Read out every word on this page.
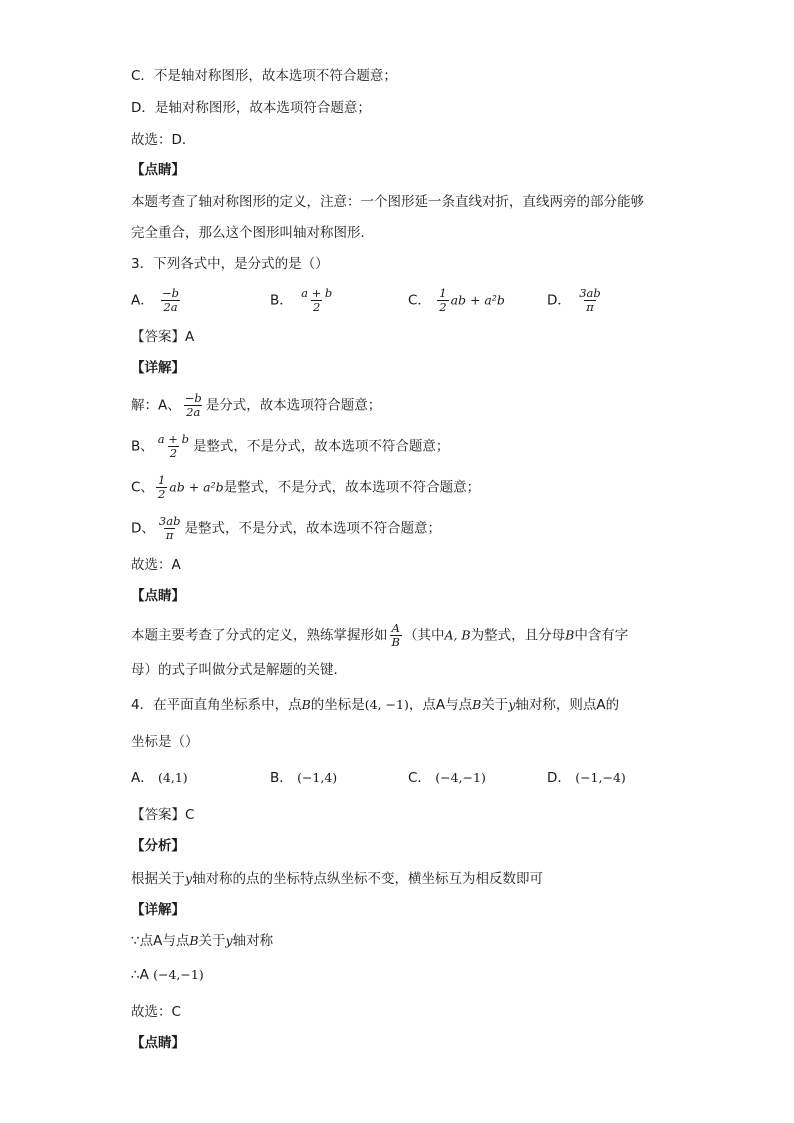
C．不是轴对称图形，故本选项不符合题意；
D．是轴对称图形，故本选项符合题意；
故选：D．
【点睛】
本题考查了轴对称图形的定义，注意：一个图形延一条直线对折，直线两旁的部分能够
完全重合，那么这个图形叫轴对称图形．
3．下列各式中，是分式的是（）
A． $\frac{-b}{2a}$	B． $\frac{a + b}{2}$	C． $\frac{1}{2}$ ab + a²b	D． $\frac{3ab}{\pi}$
【答案】A
【详解】
解：A、 $\frac{-b}{2a}$ 是分式，故本选项符合题意；
B、 $\frac{a + b}{2}$ 是整式，不是分式，故本选项不符合题意；
C、 $\frac{1}{2}$ ab + a²b是整式，不是分式，故本选项不符合题意；
D、 $\frac{3ab}{\pi}$ 是整式，不是分式，故本选项不符合题意；
故选：A
【点睛】
本题主要考查了分式的定义，熟练掌握形如 $\frac{A}{B}$ （其中A, B为整式，且分母B中含有字
母）的式子叫做分式是解题的关键．
4．在平面直角坐标系中，点B的坐标是(4, −1)，点A与点B关于y轴对称，则点A的
坐标是（）
A． (4,1)	B． (−1,4)	C． (−4,−1)	D． (−1,−4)
【答案】C
【分析】
根据关于y轴对称的点的坐标特点纵坐标不变，横坐标互为相反数即可
【详解】
∵点A与点B关于y轴对称
∴A (−4,−1)
故选：C
【点睛】
